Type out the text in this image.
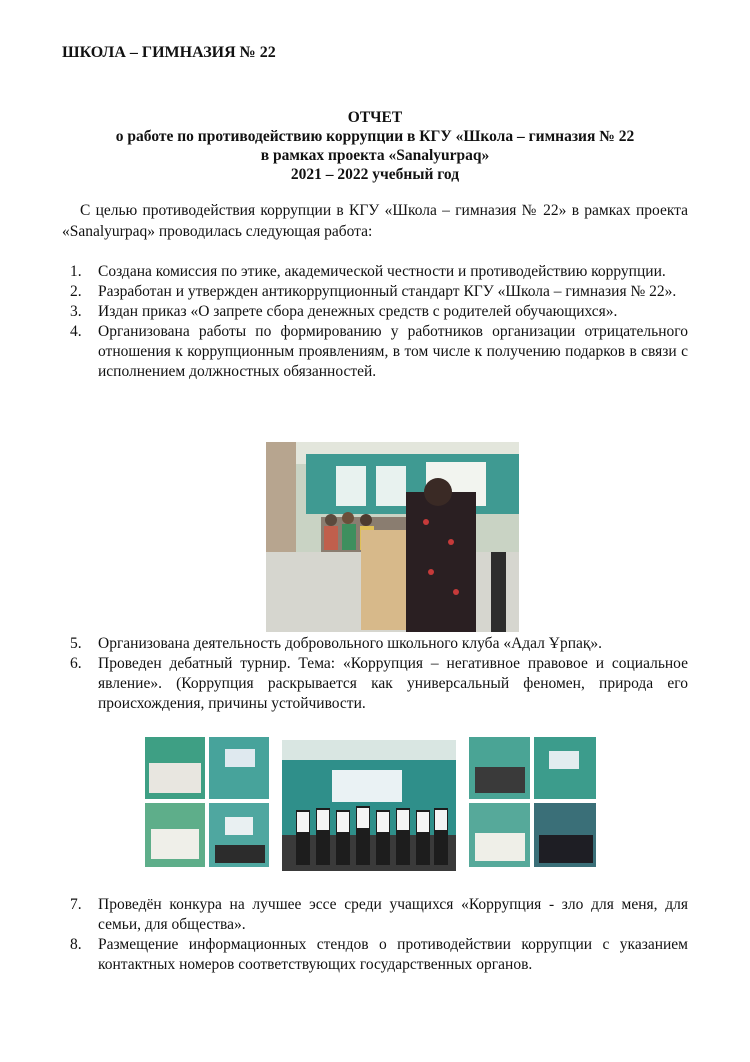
ШКОЛА – ГИМНАЗИЯ № 22
ОТЧЕТ
о работе по противодействию коррупции в КГУ «Школа – гимназия № 22
в рамках проекта «Sanalyurpaq»
2021 – 2022 учебный год
С целью противодействия коррупции в КГУ «Школа – гимназия № 22» в рамках проекта «Sanalyurpaq» проводилась следующая работа:
1. Создана комиссия по этике, академической честности и противодействию коррупции.
2. Разработан и утвержден антикоррупционный стандарт КГУ «Школа – гимназия № 22».
3. Издан приказ «О запрете сбора денежных средств с родителей обучающихся».
4. Организована работы по формированию у работников организации отрицательного отношения к коррупционным проявлениям, в том числе к получению подарков в связи с исполнением должностных обязанностей.
5. Организована деятельность добровольного школьного клуба «Адал Ұрпақ».
6. Проведен дебатный турнир. Тема: «Коррупция – негативное правовое и социальное явление». (Коррупция раскрывается как универсальный феномен, природа его происхождения, причины устойчивости.
7. Проведён конкура на лучшее эссе среди учащихся «Коррупция - зло для меня, для семьи, для общества».
8. Размещение информационных стендов о противодействии коррупции с указанием контактных номеров соответствующих государственных органов.
